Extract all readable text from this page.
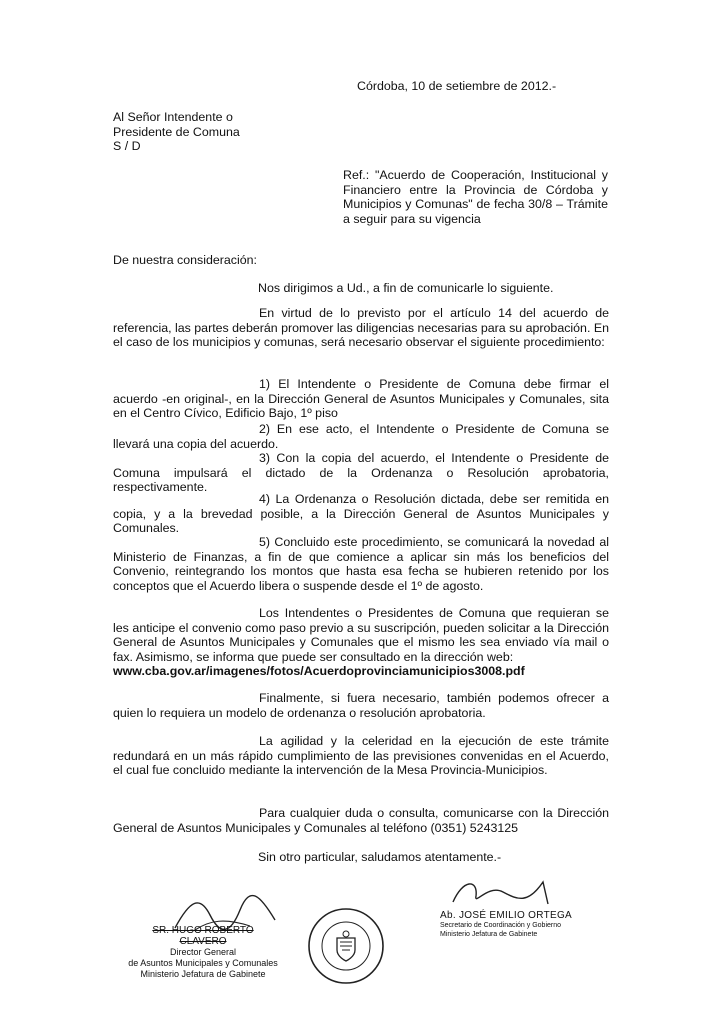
Córdoba, 10 de setiembre de 2012.-
Al Señor Intendente o
Presidente de Comuna
S / D
Ref.: "Acuerdo de Cooperación, Institucional y Financiero entre la Provincia de Córdoba y Municipios y Comunas" de fecha 30/8 – Trámite a seguir para su vigencia
De nuestra consideración:
Nos dirigimos a Ud., a fin de comunicarle lo siguiente.
En virtud de lo previsto por el artículo 14 del acuerdo de referencia, las partes deberán promover las diligencias necesarias para su aprobación. En el caso de los municipios y comunas, será necesario observar el siguiente procedimiento:
1) El Intendente o Presidente de Comuna debe firmar el acuerdo -en original-, en la Dirección General de Asuntos Municipales y Comunales, sita en el Centro Cívico, Edificio Bajo, 1º piso
2) En ese acto, el Intendente o Presidente de Comuna se llevará una copia del acuerdo.
3) Con la copia del acuerdo, el Intendente o Presidente de Comuna impulsará el dictado de la Ordenanza o Resolución aprobatoria, respectivamente.
4) La Ordenanza o Resolución dictada, debe ser remitida en copia, y a la brevedad posible, a la Dirección General de Asuntos Municipales y Comunales.
5) Concluido este procedimiento, se comunicará la novedad al Ministerio de Finanzas, a fin de que comience a aplicar sin más los beneficios del Convenio, reintegrando los montos que hasta esa fecha se hubieren retenido por los conceptos que el Acuerdo libera o suspende desde el 1º de agosto.
Los Intendentes o Presidentes de Comuna que requieran se les anticipe el convenio como paso previo a su suscripción, pueden solicitar a la Dirección General de Asuntos Municipales y Comunales que el mismo les sea enviado vía mail o fax. Asimismo, se informa que puede ser consultado en la dirección web:
www.cba.gov.ar/imagenes/fotos/Acuerdoprovinciamunicipios3008.pdf
Finalmente, si fuera necesario, también podemos ofrecer a quien lo requiera un modelo de ordenanza o resolución aprobatoria.
La agilidad y la celeridad en la ejecución de este trámite redundará en un más rápido cumplimiento de las previsiones convenidas en el Acuerdo, el cual fue concluido mediante la intervención de la Mesa Provincia-Municipios.
Para cualquier duda o consulta, comunicarse con la Dirección General de Asuntos Municipales y Comunales al teléfono (0351) 5243125
Sin otro particular, saludamos atentamente.-
SR. HUGO ROBERTO CLAVERO
Director General
de Asuntos Municipales y Comunales
Ministerio Jefatura de Gabinete
Ab. JOSÉ EMILIO ORTEGA
Secretario de Coordinación y Gobierno
Ministerio Jefatura de Gabinete
